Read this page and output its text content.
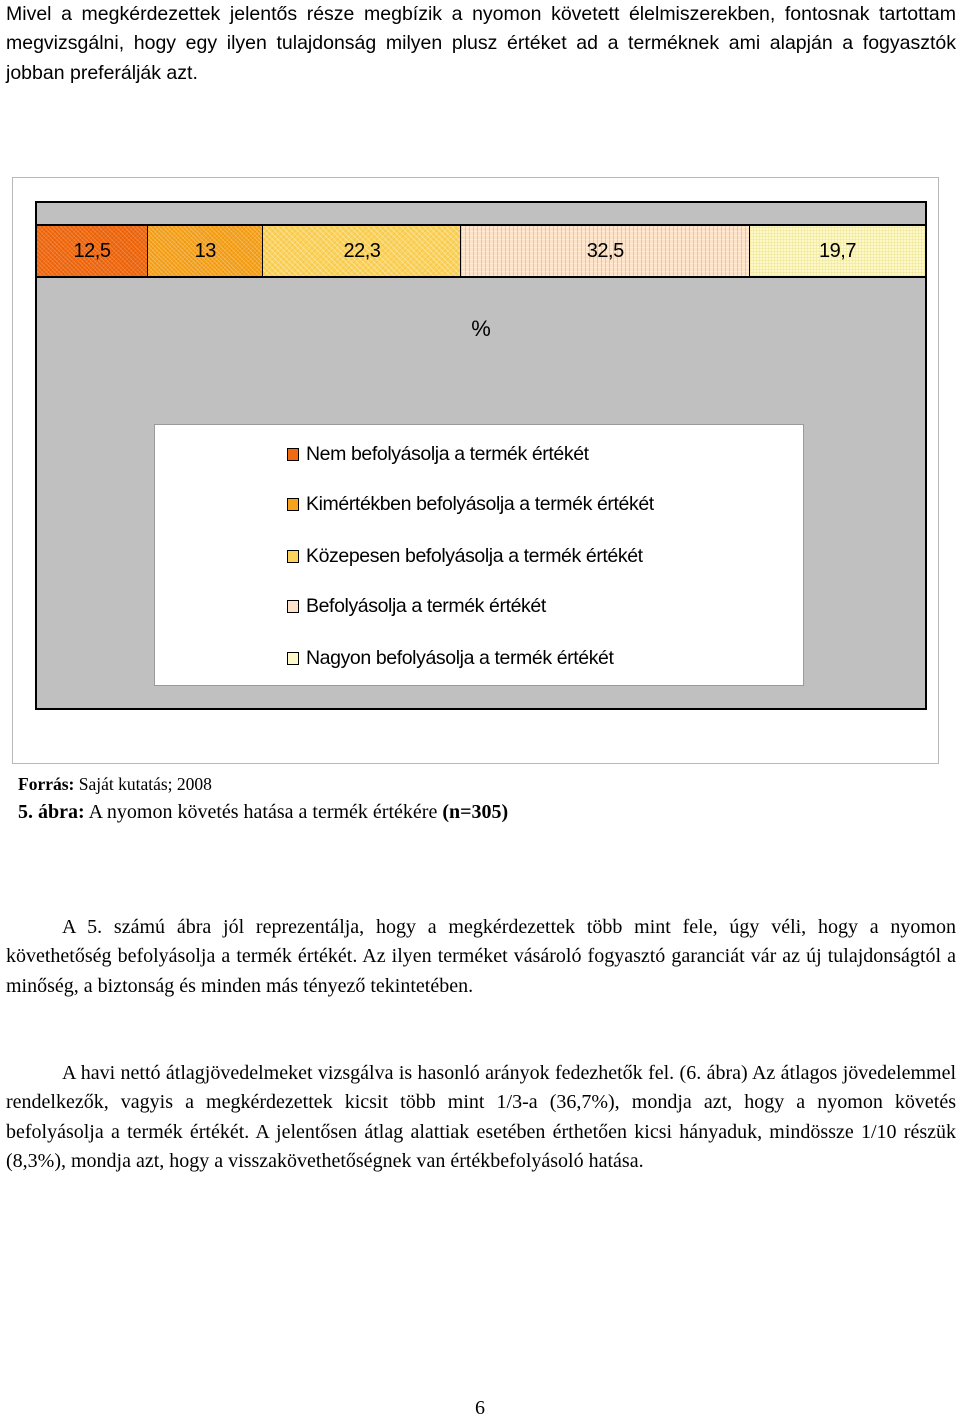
Mivel a megkérdezettek jelentős része megbízik a nyomon követett élelmiszerekben, fontosnak tartottam megvizsgálni, hogy egy ilyen tulajdonság milyen plusz értéket ad a terméknek ami alapján a fogyasztók jobban preferálják azt.

12,5	13	22,3	32,5	19,7
%
Nem befolyásolja a termék értékét
Kimértékben befolyásolja a termék értékét
Közepesen befolyásolja a termék értékét
Befolyásolja a termék értékét
Nagyon befolyásolja a termék értékét
Forrás: Saját kutatás; 2008
5. ábra: A nyomon követés hatása a termék értékére (n=305)

A 5. számú ábra jól reprezentálja, hogy a megkérdezettek több mint fele, úgy véli, hogy a nyomon követhetőség befolyásolja a termék értékét. Az ilyen terméket vásároló fogyasztó garanciát vár az új tulajdonságtól a minőség, a biztonság és minden más tényező tekintetében.

A havi nettó átlagjövedelmeket vizsgálva is hasonló arányok fedezhetők fel. (6. ábra) Az átlagos jövedelemmel rendelkezők, vagyis a megkérdezettek kicsit több mint 1/3-a (36,7%), mondja azt, hogy a nyomon követés befolyásolja a termék értékét. A jelentősen átlag alattiak esetében érthetően kicsi hányaduk, mindössze 1/10 részük (8,3%), mondja azt, hogy a visszakövethetőségnek van értékbefolyásoló hatása.

6
